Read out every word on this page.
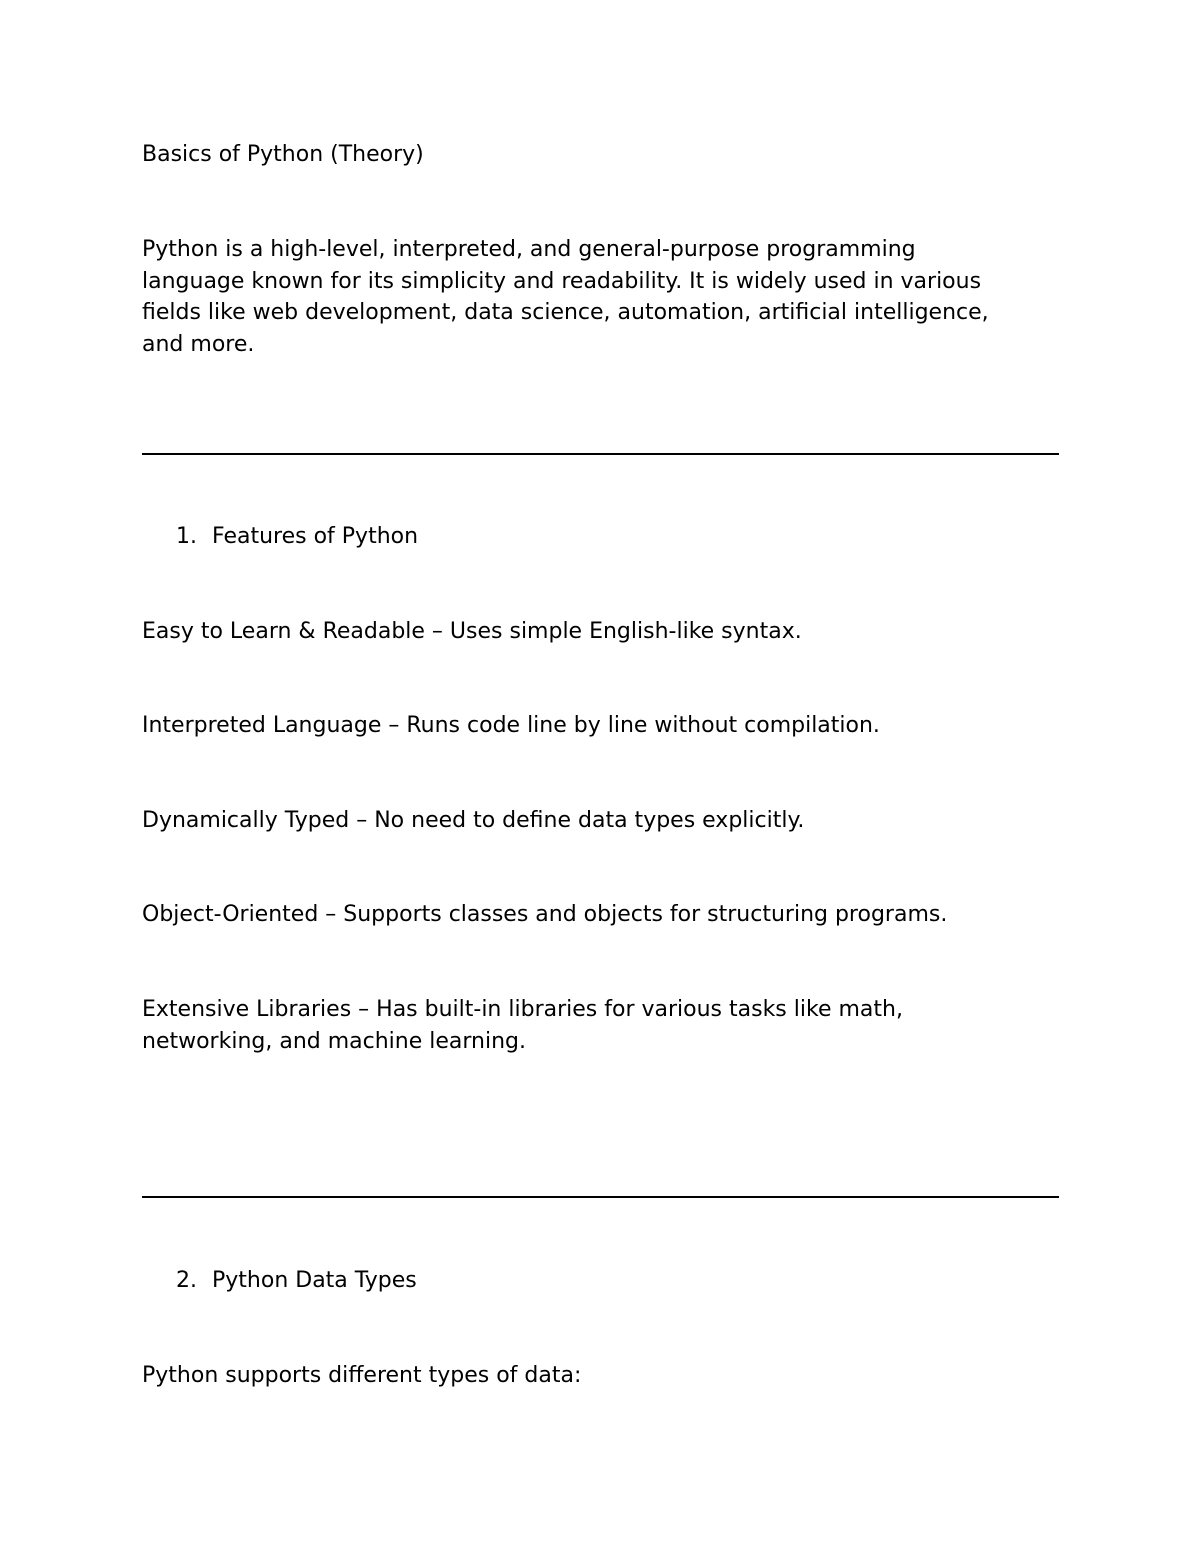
Basics of Python (Theory)
Python is a high-level, interpreted, and general-purpose programming
language known for its simplicity and readability. It is widely used in various
fields like web development, data science, automation, artificial intelligence,
and more.
1. Features of Python
Easy to Learn & Readable – Uses simple English-like syntax.
Interpreted Language – Runs code line by line without compilation.
Dynamically Typed – No need to define data types explicitly.
Object-Oriented – Supports classes and objects for structuring programs.
Extensive Libraries – Has built-in libraries for various tasks like math,
networking, and machine learning.
2. Python Data Types
Python supports different types of data:
